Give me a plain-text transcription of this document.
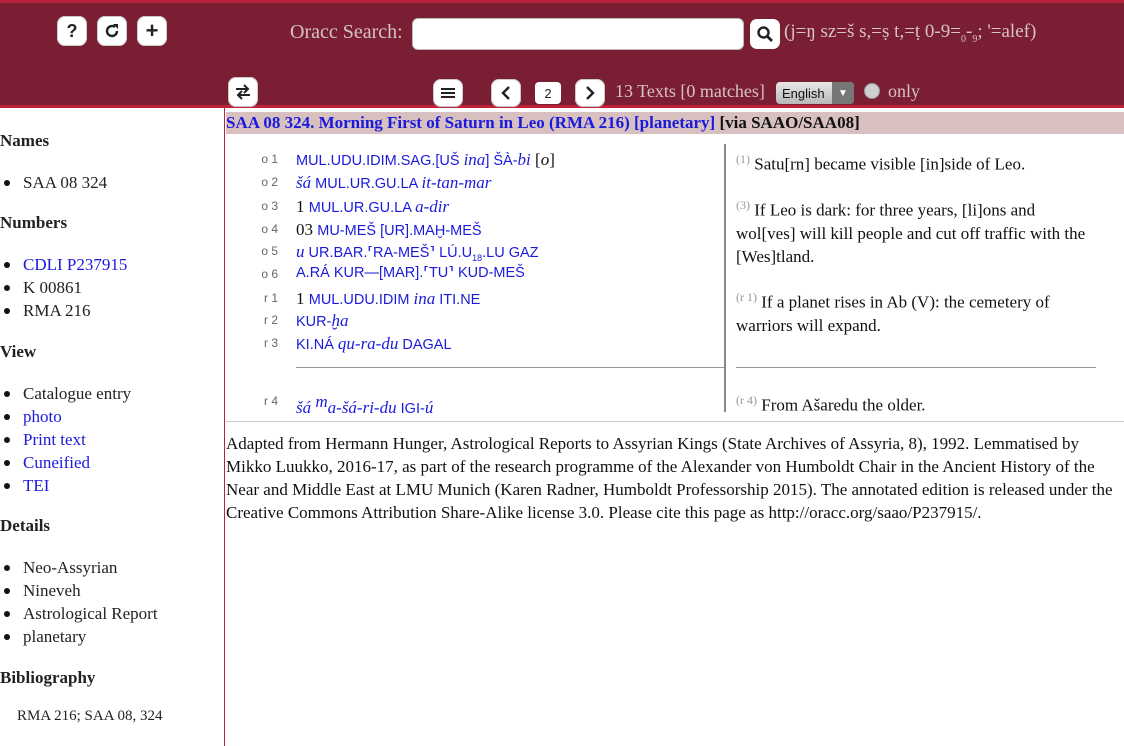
?	+	Oracc Search:	(j=ŋ sz=š s,=ṣ t,=ṭ $0-9=_0-_9$; '=alef)
2	13 Texts [0 matches] English	▼	only
Names
SAA 08 324
Numbers
CDLI P237915
K 00861
RMA 216
View
Catalogue entry
photo
Print text
Cuneified
TEI
Details
Neo-Assyrian
Nineveh
Astrological Report
planetary
Bibliography
RMA 216; SAA 08, 324
SAA 08 324. Morning First of Saturn in Leo (RMA 216) [planetary] [via SAAO/SAA08]
o 1 MUL.UDU.IDIM.SAG.[UŠ ina] ŠÀ-bi [o]
o 2 šá MUL.UR.GU.LA it-tan-mar
o 3 1 MUL.UR.GU.LA a-dir
o 4 03 MU-MEŠ [UR].MAḪ-MEŠ
o 5 u UR.BAR.⸢RA-MEŠ⸣ $LÚ.U_{18}.LU$ GAZ
o 6 A.RÁ KUR—[MAR].⸢TU⸣ KUD-MEŠ
r 1 1 MUL.UDU.IDIM ina ITI.NE
r 2 KUR-ḫa
r 3 KI.NÁ qu-ra-du DAGAL
r 4 šá $^m$a-šá-ri-du IGI-ú
$^{(1)}$ Satu[rn] became visible [in]side of Leo.
$^{(3)}$ If Leo is dark: for three years, [li]ons and wol[ves] will kill people and cut off traffic with the [Wes]tland.
$^{(r 1)}$ If a planet rises in Ab (V): the cemetery of warriors will expand.
$^{(r 4)}$ From Ašaredu the older.
Adapted from Hermann Hunger, Astrological Reports to Assyrian Kings (State Archives of Assyria, 8), 1992. Lemmatised by Mikko Luukko, 2016-17, as part of the research programme of the Alexander von Humboldt Chair in the Ancient History of the Near and Middle East at LMU Munich (Karen Radner, Humboldt Professorship 2015). The annotated edition is released under the Creative Commons Attribution Share-Alike license 3.0. Please cite this page as http://oracc.org/saao/P237915/.
